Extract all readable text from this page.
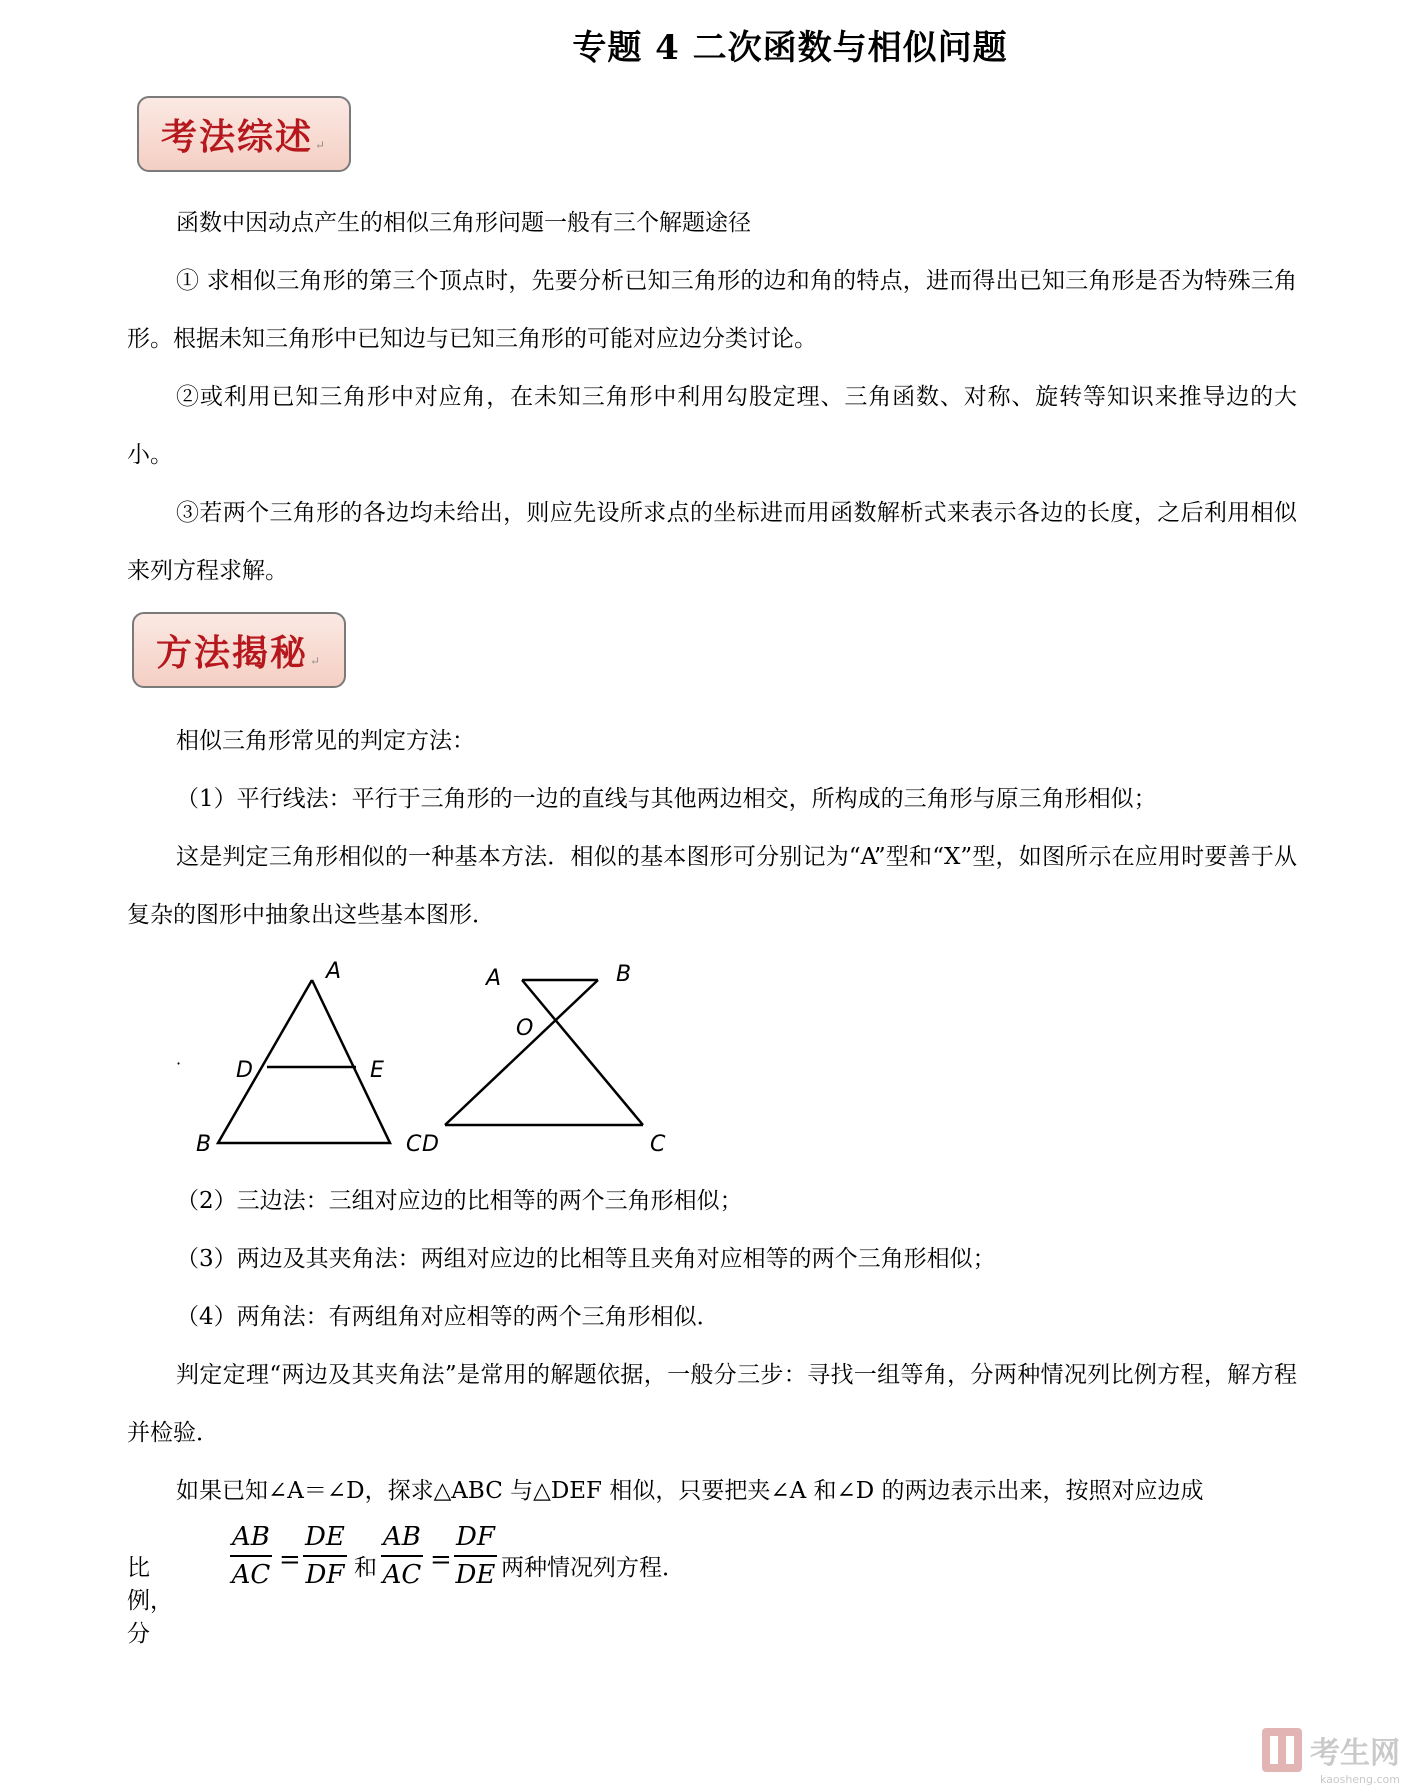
专题 4 二次函数与相似问题
考法综述 ↵
函数中因动点产生的相似三角形问题一般有三个解题途径
① 求相似三角形的第三个顶点时，先要分析已知三角形的边和角的特点，进而得出已知三角形是否为特殊三角形。根据未知三角形中已知边与已知三角形的可能对应边分类讨论。
②或利用已知三角形中对应角，在未知三角形中利用勾股定理、三角函数、对称、旋转等知识来推导边的大小。
③若两个三角形的各边均未给出，则应先设所求点的坐标进而用函数解析式来表示各边的长度，之后利用相似来列方程求解。
方法揭秘 ↵
相似三角形常见的判定方法：
（1）平行线法：平行于三角形的一边的直线与其他两边相交，所构成的三角形与原三角形相似；
这是判定三角形相似的一种基本方法．相似的基本图形可分别记为“A”型和“X”型，如图所示在应用时要善于从复杂的图形中抽象出这些基本图形．
A
D	E
B
·
A	B
O
C D	C
（2）三边法：三组对应边的比相等的两个三角形相似；
（3）两边及其夹角法：两组对应边的比相等且夹角对应相等的两个三角形相似；
（4）两角法：有两组角对应相等的两个三角形相似．
判定定理“两边及其夹角法”是常用的解题依据，一般分三步：寻找一组等角，分两种情况列比例方程，解方程并检验．
如果已知∠A＝∠D，探求△ABC 与△DEF 相似，只要把夹∠A 和∠D 的两边表示出来，按照对应边成
比例，分
$\frac{AB}{AC} = \frac{DE}{DF}$ 和 $\frac{AB}{AC} = \frac{DF}{DE}$ 两种情况列方程．
考生网
kaosheng.com
